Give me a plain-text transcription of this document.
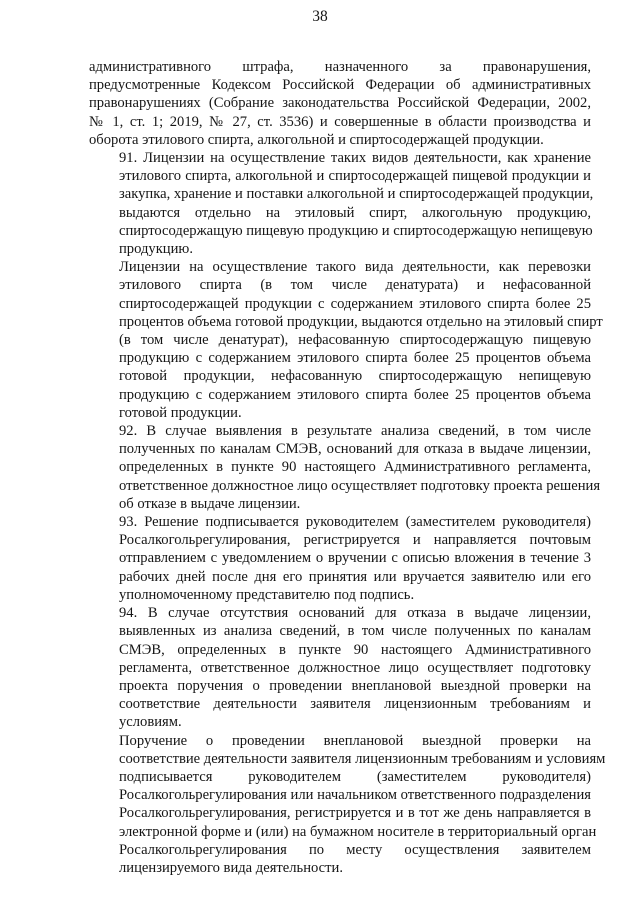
38
административного штрафа, назначенного за правонарушения,
предусмотренные Кодексом Российской Федерации об административных
правонарушениях (Собрание законодательства Российской Федерации, 2002,
№ 1, ст. 1; 2019, № 27, ст. 3536) и совершенные в области производства и
оборота этилового спирта, алкогольной и спиртосодержащей продукции.
91. Лицензии на осуществление таких видов деятельности, как хранение
этилового спирта, алкогольной и спиртосодержащей пищевой продукции и
закупка, хранение и поставки алкогольной и спиртосодержащей продукции,
выдаются отдельно на этиловый спирт, алкогольную продукцию,
спиртосодержащую пищевую продукцию и спиртосодержащую непищевую
продукцию.
Лицензии на осуществление такого вида деятельности, как перевозки
этилового спирта (в том числе денатурата) и нефасованной
спиртосодержащей продукции с содержанием этилового спирта более 25
процентов объема готовой продукции, выдаются отдельно на этиловый спирт
(в том числе денатурат), нефасованную спиртосодержащую пищевую
продукцию с содержанием этилового спирта более 25 процентов объема
готовой продукции, нефасованную спиртосодержащую непищевую
продукцию с содержанием этилового спирта более 25 процентов объема
готовой продукции.
92. В случае выявления в результате анализа сведений, в том числе
полученных по каналам СМЭВ, оснований для отказа в выдаче лицензии,
определенных в пункте 90 настоящего Административного регламента,
ответственное должностное лицо осуществляет подготовку проекта решения
об отказе в выдаче лицензии.
93. Решение подписывается руководителем (заместителем руководителя)
Росалкогольрегулирования, регистрируется и направляется почтовым
отправлением с уведомлением о вручении с описью вложения в течение 3
рабочих дней после дня его принятия или вручается заявителю или его
уполномоченному представителю под подпись.
94. В случае отсутствия оснований для отказа в выдаче лицензии,
выявленных из анализа сведений, в том числе полученных по каналам
СМЭВ, определенных в пункте 90 настоящего Административного
регламента, ответственное должностное лицо осуществляет подготовку
проекта поручения о проведении внеплановой выездной проверки на
соответствие деятельности заявителя лицензионным требованиям и
условиям.
Поручение о проведении внеплановой выездной проверки на
соответствие деятельности заявителя лицензионным требованиям и условиям
подписывается руководителем (заместителем руководителя)
Росалкогольрегулирования или начальником ответственного подразделения
Росалкогольрегулирования, регистрируется и в тот же день направляется в
электронной форме и (или) на бумажном носителе в территориальный орган
Росалкогольрегулирования по месту осуществления заявителем
лицензируемого вида деятельности.
